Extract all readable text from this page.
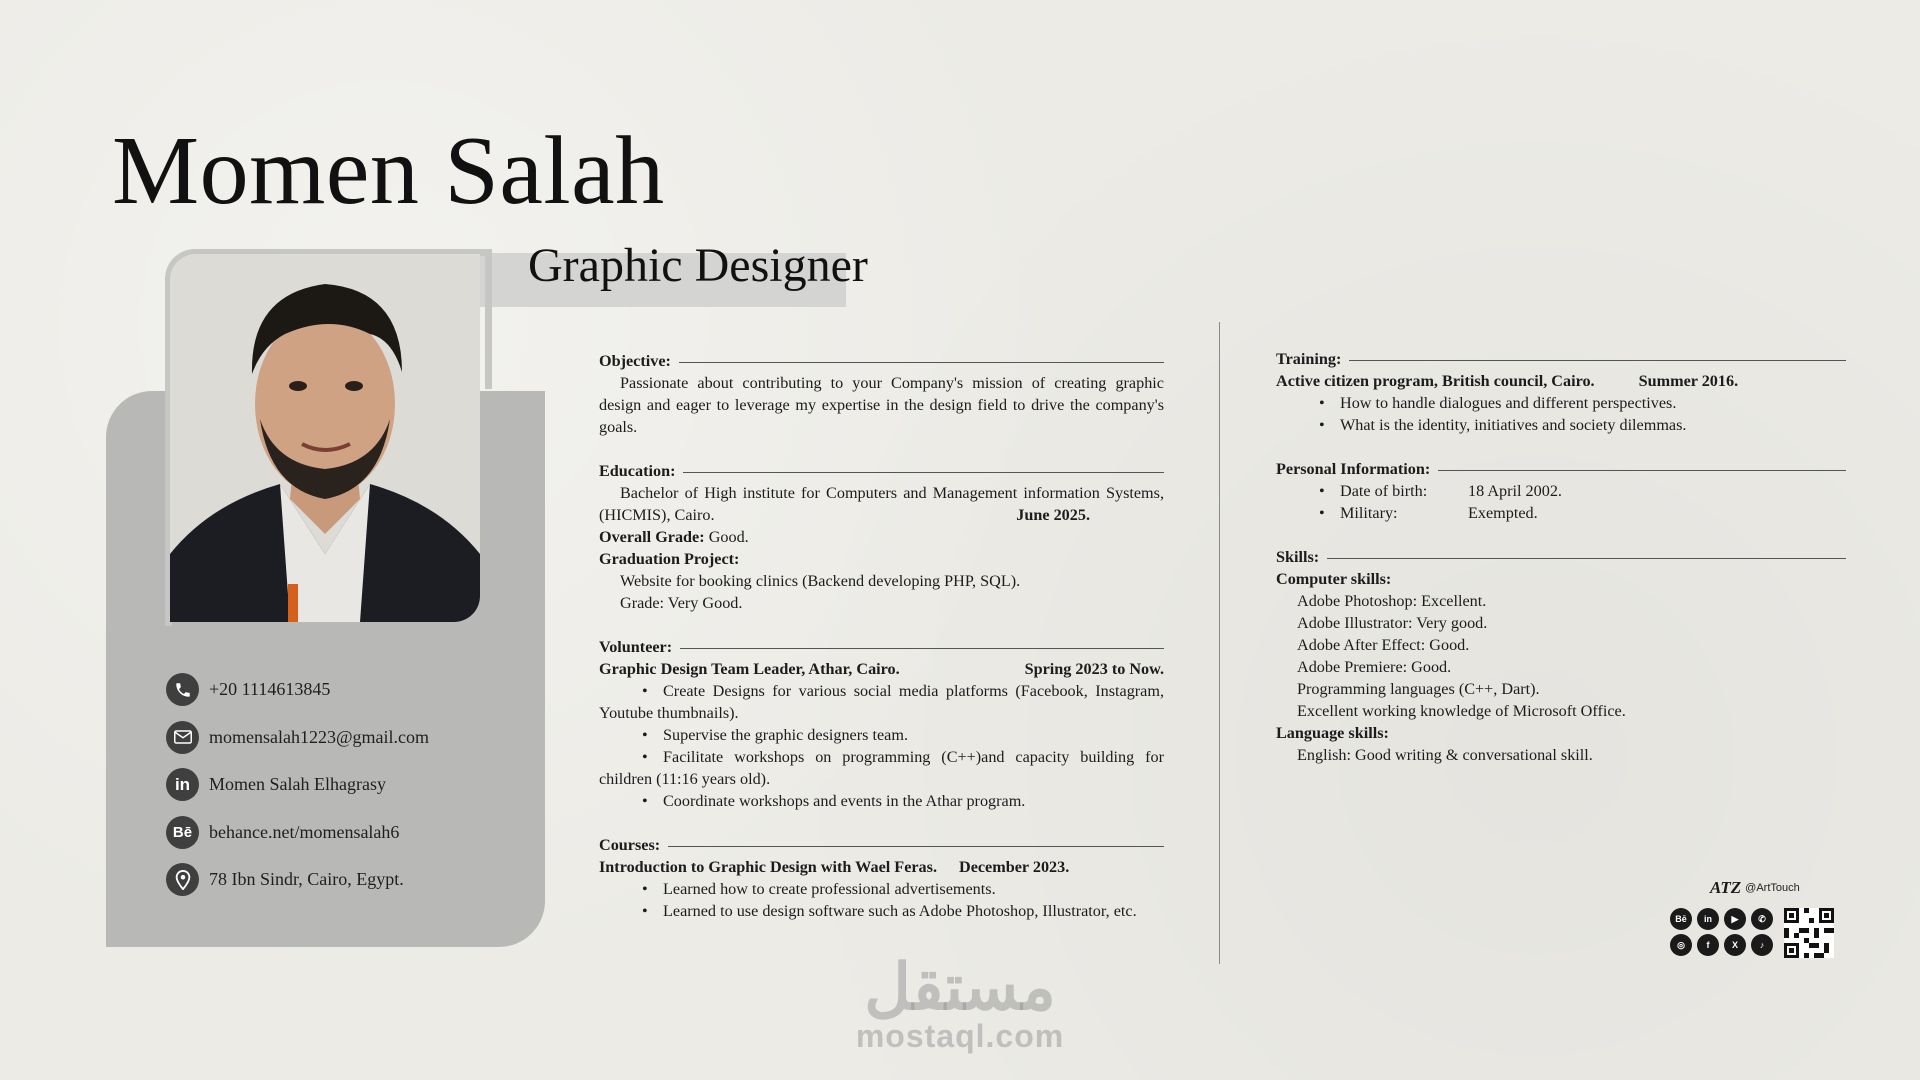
Momen Salah
Graphic Designer
+20 1114613845
momensalah1223@gmail.com
in Momen Salah Elhagrasy
Bē behance.net/momensalah6
78 Ibn Sindr, Cairo, Egypt.
Objective:
Passionate about contributing to your Company's mission of creating graphic design and eager to leverage my expertise in the design field to drive the company's goals.
Education:
Bachelor of High institute for Computers and Management information Systems, (HICMIS), Cairo.	June 2025.
Overall Grade: Good.
Graduation Project:
Website for booking clinics (Backend developing PHP, SQL).
Grade: Very Good.
Volunteer:
Graphic Design Team Leader, Athar, Cairo.	Spring 2023 to Now.
• Create Designs for various social media platforms (Facebook, Instagram, Youtube thumbnails).
• Supervise the graphic designers team.
• Facilitate workshops on programming (C++)and capacity building for children (11:16 years old).
• Coordinate workshops and events in the Athar program.
Courses:
Introduction to Graphic Design with Wael Feras. December 2023.
• Learned how to create professional advertisements.
• Learned to use design software such as Adobe Photoshop, Illustrator, etc.
Training:
Active citizen program, British council, Cairo.	Summer 2016.
• How to handle dialogues and different perspectives.
• What is the identity, initiatives and society dilemmas.
Personal Information:
• Date of birth:	18 April 2002.
• Military:	Exempted.
Skills:
Computer skills:
Adobe Photoshop: Excellent.
Adobe Illustrator: Very good.
Adobe After Effect: Good.
Adobe Premiere: Good.
Programming languages (C++, Dart).
Excellent working knowledge of Microsoft Office.
Language skills:
English: Good writing & conversational skill.
ATZ @ArtTouch
Bē	in	▶	✆
◎	f	X	♪
مستقل
mostaql.com
